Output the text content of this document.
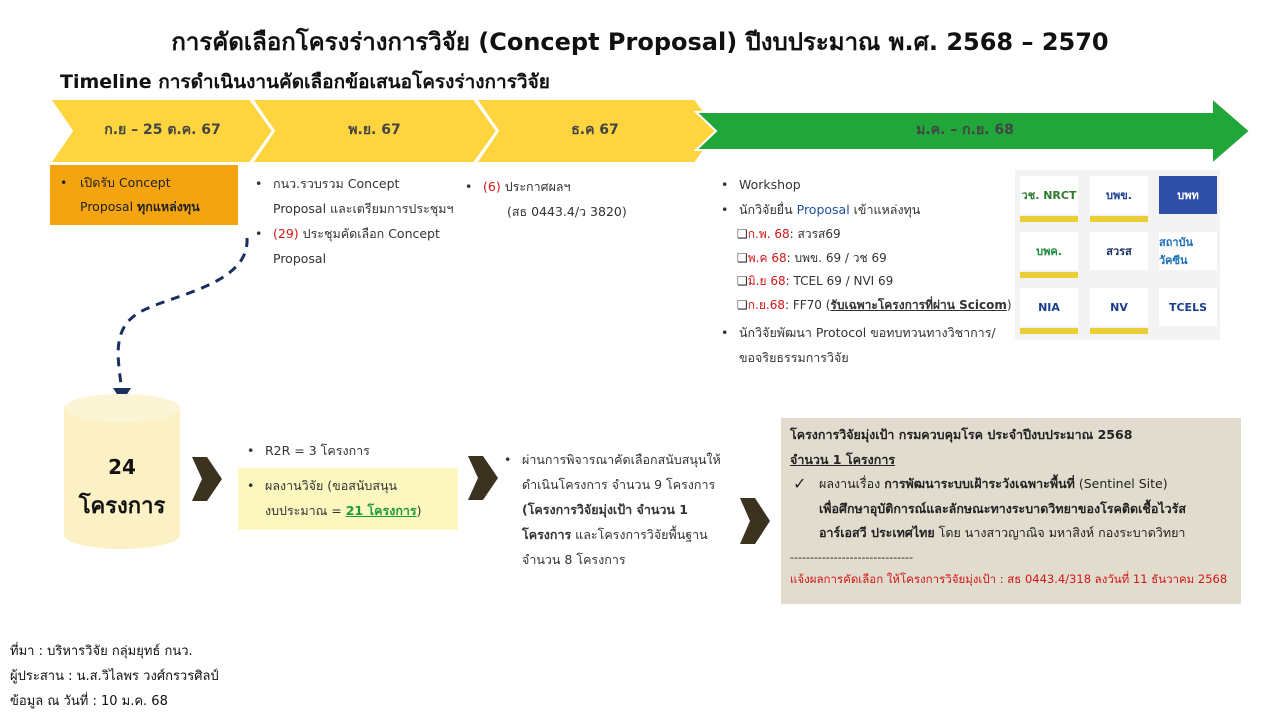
การคัดเลือกโครงร่างการวิจัย (Concept Proposal) ปีงบประมาณ พ.ศ. 2568 – 2570
Timeline การดำเนินงานคัดเลือกข้อเสนอโครงร่างการวิจัย
ก.ย – 25 ต.ค. 67	พ.ย. 67	ธ.ค 67	ม.ค. – ก.ย. 68
• เปิดรับ Concept
Proposal ทุกแหล่งทุน
• กนว.รวบรวม Concept
Proposal และเตรียมการประชุมฯ
• (29) ประชุมคัดเลือก Concept
Proposal
• (6) ประกาศผลฯ
(สธ 0443.4/ว 3820)
• Workshop
• นักวิจัยยื่น Proposal เข้าแหล่งทุน
❑ก.พ. 68: สวรส69
❑พ.ค 68: บพข. 69 / วช 69
❑มิ.ย 68: TCEL 69 / NVI 69
❑ก.ย.68: FF70 (รับเฉพาะโครงการที่ผ่าน Scicom)
• นักวิจัยพัฒนา Protocol ขอทบทวนทางวิชาการ/
ขอจริยธรรมการวิจัย
วช. NRCT	บพข.	บพท
บพค.	สวรส
สถาบันวัคซีน
NIA	NV	TCELS
24
โครงการ
• R2R = 3 โครงการ
• ผลงานวิจัย (ขอสนับสนุน
งบประมาณ = 21 โครงการ)
• ผ่านการพิจารณาคัดเลือกสนับสนุนให้
ดำเนินโครงการ จำนวน 9 โครงการ
(โครงการวิจัยมุ่งเป้า จำนวน 1
โครงการ และโครงการวิจัยพื้นฐาน
จำนวน 8 โครงการ
โครงการวิจัยมุ่งเป้า กรมควบคุมโรค ประจำปีงบประมาณ 2568
จำนวน 1 โครงการ
✓ ผลงานเรื่อง การพัฒนาระบบเฝ้าระวังเฉพาะพื้นที่ (Sentinel Site)
เพื่อศึกษาอุบัติการณ์และลักษณะทางระบาดวิทยาของโรคติดเชื้อไวรัส
อาร์เอสวี ประเทศไทย โดย นางสาวญาณิจ มหาสิงห์ กองระบาดวิทยา
-------------------------------
แจ้งผลการคัดเลือก ให้โครงการวิจัยมุ่งเป้า : สธ 0443.4/318 ลงวันที่ 11 ธันวาคม 2568
ที่มา : บริหารวิจัย กลุ่มยุทธ์ กนว.
ผู้ประสาน : น.ส.วิไลพร วงศ์กรวรศิลป์
ข้อมูล ณ วันที่ : 10 ม.ค. 68
